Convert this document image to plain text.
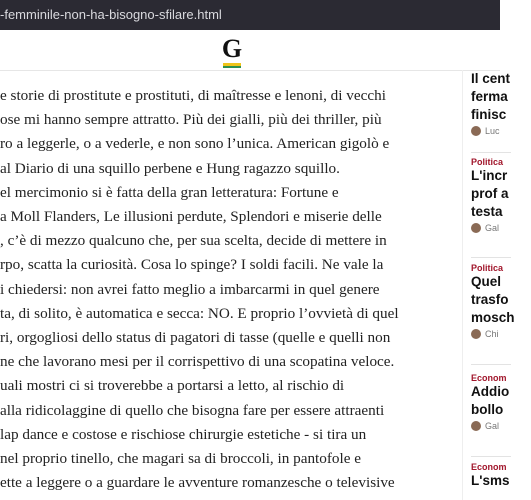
-femminile-non-ha-bisogno-sfilare.html
G

e storie di prostitute e prostituti, di maîtresse e lenoni, di vecchi

ose mi hanno sempre attratto. Più dei gialli, più dei thriller, più

ro a leggerle, o a vederle, e non sono l’unica. American gigolò e

al Diario di una squillo perbene e Hung ragazzo squillo.

el mercimonio si è fatta della gran letteratura: Fortune e

a Moll Flanders, Le illusioni perdute, Splendori e miserie delle

, c’è di mezzo qualcuno che, per sua scelta, decide di mettere in

rpo, scatta la curiosità. Cosa lo spinge? I soldi facili. Ne vale la

i chiedersi: non avrei fatto meglio a imbarcarmi in quel genere

ta, di solito, è automatica e secca: NO. E proprio l’ovvietà di quel

ri, orgogliosi dello status di pagatori di tasse (quelle e quelli non

ne che lavorano mesi per il corrispettivo di una scopatina veloce.

uali mostri ci si troverebbe a portarsi a letto, al rischio di

alla ridicolaggine di quello che bisogna fare per essere attraenti

lap dance e costose e rischiose chirurgie estetiche - si tira un

nel proprio tinello, che magari sa di broccoli, in pantofole e

ette a leggere o a guardare le avventure romanzesche o televisive

Il cent
ferma
finisc
Luc
Politica
L'incr
prof a
testa
Gal
Politica
Quel
trasfo
mosch
Chi
Econom
Addio
bollo
Gal
Econom
L'sms
